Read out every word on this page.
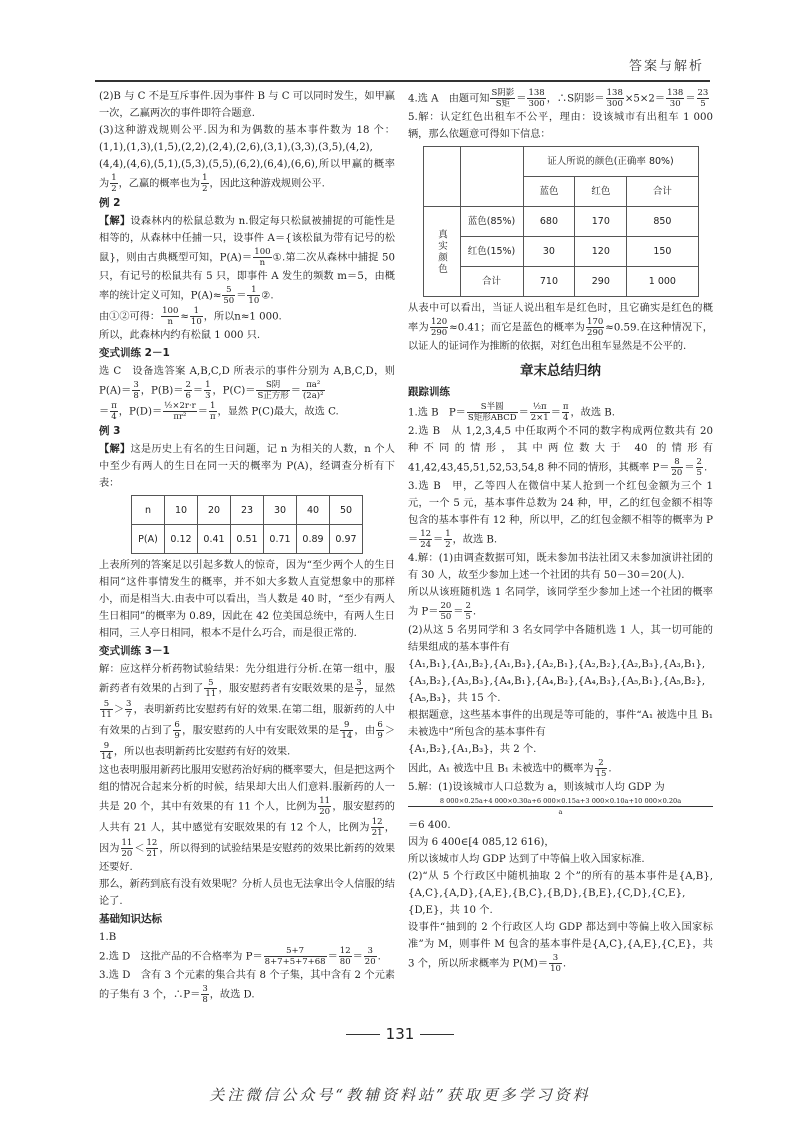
答案与解析

(2)B 与 C 不是互斥事件.因为事件 B 与 C 可以同时发生，如甲赢一次，乙赢两次的事件即符合题意.

(3)这种游戏规则公平.因为和为偶数的基本事件数为 18 个：(1,1),(1,3),(1,5),(2,2),(2,4),(2,6),(3,1),(3,3),(3,5),(4,2),(4,4),(4,6),(5,1),(5,3),(5,5),(6,2),(6,4),(6,6),所以甲赢的概率为 $\frac{1}{2}$ ，乙赢的概率也为 $\frac{1}{2}$ ，因此这种游戏规则公平.

例 2

【解】设森林内的松鼠总数为 n.假定每只松鼠被捕捉的可能性是相等的，从森林中任捕一只，设事件 A＝{该松鼠为带有记号的松鼠}，则由古典概型可知，$P(A)= \frac{100}{n}$ ①.第二次从森林中捕捉 50 只，有记号的松鼠共有 5 只，即事件 A 发生的频数 m＝5，由概率的统计定义可知，$P(A)\approx \frac{5}{50} = \frac{1}{10}$ ②.

由①②可得： $\frac{100}{n} \approx \frac{1}{10}$ ，所以n≈1 000.

所以，此森林内约有松鼠 1 000 只.

变式训练 2－1

选 C　设备选答案 A,B,C,D 所表示的事件分别为 A,B,C,D，则 $P(A)= \frac{3}{8}$ ，$P(B)= \frac{2}{6} = \frac{1}{3}$ ，P(C)＝
S阴
S正方形 ＝ $\frac{\text{πa²}}{\text{(2a)²}}$

＝ $\frac{\pi}{4}$ ，$P(D)= \frac{\text{½×2r·r}}{\text{πr²}} = \frac{1}{\pi}$ ，显然 P(C)最大，故选 C.

例 3

【解】这是历史上有名的生日问题，记 n 为相关的人数，n 个人中至少有两人的生日在同一天的概率为 P(A)，经调查分析有下表：

n	10	20	23	30	40	50
P(A)	0.12	0.41	0.51	0.71	0.89	0.97

上表所列的答案足以引起多数人的惊奇，因为“至少两个人的生日相同”这件事情发生的概率，并不如大多数人直觉想象中的那样小，而是相当大.由表中可以看出，当人数是 40 时，“至少有两人生日相同”的概率为 0.89，因此在 42 位美国总统中，有两人生日相同，三人亭日相同，根本不是什么巧合，而是很正常的.

变式训练 3－1

解：应这样分析药物试验结果：先分组进行分析.在第一组中，服新药者有效果的占到了 $\frac{5}{11}$ ，服安慰药者有安眠效果的是 $\frac{3}{7}$ ，显然
$\frac{5}{11} > \frac{3}{7}$ ，表明新药比安慰药有好的效果.在第二组，服新药的人中有效果的占到了 $\frac{6}{9}$ ，服安慰药的人中有安眠效果的是 $\frac{9}{14}$ ，由 $\frac{6}{9}$ ＞
$\frac{9}{14}$ ，所以也表明新药比安慰药有好的效果.

这也表明服用新药比服用安慰药治好病的概率要大，但是把这两个组的情况合起来分析的时候，结果却大出人们意料.服新药的人一共是 20 个，其中有效果的有 11 个人，比例为 $\frac{11}{20}$ ，服安慰药的人共有 21 人，其中感觉有安眠效果的有 12 个人，比例为 $\frac{12}{21}$ ，因为 $\frac{11}{20} < \frac{12}{21}$ ，所以得到的试验结果是安慰药的效果比新药的效果还要好.

那么，新药到底有没有效果呢？分析人员也无法拿出令人信服的结论了.

基础知识达标

1.B

2.选 D　这批产品的不合格率为 $P= \frac{5+7}{8+7+5+7+68} = \frac{12}{80} = \frac{3}{20}$ .

3.选 D　含有 3 个元素的集合共有 8 个子集，其中含有 2 个元素的子集有 3 个，∴P＝ $\frac{3}{8}$ ，故选 D.

4.选 A　由题可知
S阴影
S矩 ＝ $\frac{138}{300}$ ，∴S阴影＝ $\frac{138}{300} \times 5\times 2= \frac{138}{30} = \frac{23}{5}$

5.解：认定红色出租车不公平，理由：设该城市有出租车 1 000 辆，那么依题意可得如下信息：

		证人所说的颜色(正确率 80%)		
		蓝色	红色	合计
真实颜色	蓝色(85%)	680	170	850
	红色(15%)	30	120	150
	合计	710	290	1 000

从表中可以看出，当证人说出租车是红色时，且它确实是红色的概率为 $\frac{120}{290} \approx 0.41$；而它是蓝色的概率为 $\frac{170}{290} \approx 0.59$.在这种情况下，以证人的证词作为推断的依据，对红色出租车显然是不公平的.

章末总结归纳
跟踪训练

1.选 B　P＝
S半圆
S矩形ABCD ＝ $\frac{\text{½π}}{2\times 1} = \frac{\pi}{4}$ ，故选 B.

2.选 B　从 1,2,3,4,5 中任取两个不同的数字构成两位数共有 20 种不同的情形，其中两位数大于 40 的情形有 41,42,43,45,51,52,53,54,8 种不同的情形，其概率 $P= \frac{8}{20} = \frac{2}{5}$ .

3.选 B　甲，乙等四人在微信中某人抢到一个红包金额为三个 1 元，一个 5 元，基本事件总数为 24 种，甲，乙的红包金额不相等包含的基本事件有 12 种，所以甲，乙的红包金额不相等的概率为 $P= \frac{12}{24} = \frac{1}{2}$ ，故选 B.

4.解：(1)由调查数据可知，既未参加书法社团又未参加演讲社团的有 30 人，故至少参加上述一个社团的共有 50－30＝20(人).

所以从该班随机选 1 名同学，该同学至少参加上述一个社团的概率为 $P= \frac{20}{50} = \frac{2}{5}$ .

(2)从这 5 名男同学和 3 名女同学中各随机选 1 人，其一切可能的结果组成的基本事件有

{A₁,B₁},{A₁,B₂},{A₁,B₃},{A₂,B₁},{A₂,B₂},{A₂,B₃},{A₃,B₁},{A₃,B₂},{A₃,B₃},{A₄,B₁},{A₄,B₂},{A₄,B₃},{A₅,B₁},{A₅,B₂},{A₅,B₃}，共 15 个.

根据题意，这些基本事件的出现是等可能的，事件“A₁ 被选中且 B₁ 未被选中”所包含的基本事件有

{A₁,B₂},{A₁,B₃}，共 2 个.

因此，A₁ 被选中且 B₁ 未被选中的概率为 $\frac{2}{15}$ .

5.解：(1)设该城市人口总数为 a，则该城市人均 GDP 为

8 000×0.25a+4 000×0.30a+6 000×0.15a+3 000×0.10a+10 000×0.20a
a

＝6 400.

因为 6 400∈[4 085,12 616)，

所以该城市人均 GDP 达到了中等偏上收入国家标准.

(2)“从 5 个行政区中随机抽取 2 个”的所有的基本事件是{A,B},{A,C},{A,D},{A,E},{B,C},{B,D},{B,E},{C,D},{C,E},{D,E}，共 10 个.

设事件“抽到的 2 个行政区人均 GDP 都达到中等偏上收入国家标准”为 M，则事件 M 包含的基本事件是{A,C},{A,E},{C,E}，共 3 个，所以所求概率为 $P(M)= \frac{3}{10}$ .

131
关注微信公众号“教辅资料站”获取更多学习资料
